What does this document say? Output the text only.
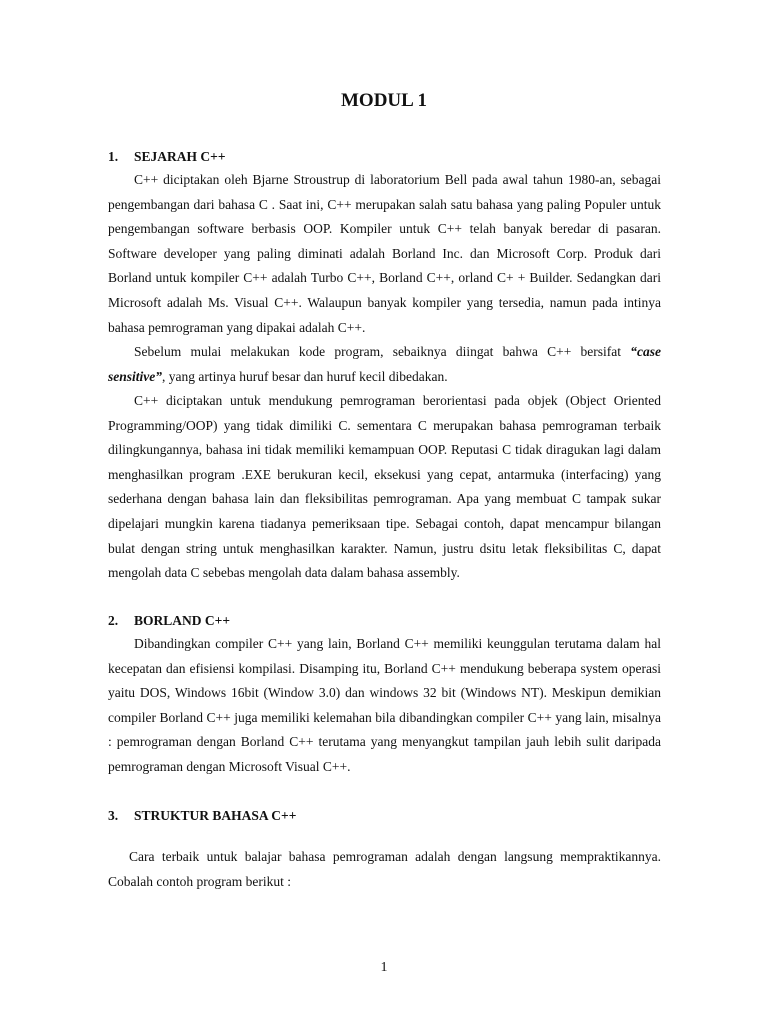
MODUL 1
1.	SEJARAH C++

C++ diciptakan oleh Bjarne Stroustrup di laboratorium Bell pada awal tahun 1980-an, sebagai pengembangan dari bahasa C . Saat ini, C++ merupakan salah satu bahasa yang paling Populer untuk pengembangan software berbasis OOP. Kompiler untuk C++ telah banyak beredar di pasaran. Software developer yang paling diminati adalah Borland Inc. dan Microsoft Corp. Produk dari Borland untuk kompiler C++ adalah Turbo C++, Borland C++, orland C+ + Builder. Sedangkan dari Microsoft adalah Ms. Visual C++. Walaupun banyak kompiler yang tersedia, namun pada intinya bahasa pemrograman yang dipakai adalah C++.

Sebelum mulai melakukan kode program, sebaiknya diingat bahwa C++ bersifat “case sensitive”, yang artinya huruf besar dan huruf kecil dibedakan.

C++ diciptakan untuk mendukung pemrograman berorientasi pada objek (Object Oriented Programming/OOP) yang tidak dimiliki C. sementara C merupakan bahasa pemrograman terbaik dilingkungannya, bahasa ini tidak memiliki kemampuan OOP. Reputasi C tidak diragukan lagi dalam menghasilkan program .EXE berukuran kecil, eksekusi yang cepat, antarmuka (interfacing) yang sederhana dengan bahasa lain dan fleksibilitas pemrograman. Apa yang membuat C tampak sukar dipelajari mungkin karena tiadanya pemeriksaan tipe. Sebagai contoh, dapat mencampur bilangan bulat dengan string untuk menghasilkan karakter. Namun, justru dsitu letak fleksibilitas C, dapat mengolah data C sebebas mengolah data dalam bahasa assembly.

2.	BORLAND C++

Dibandingkan compiler C++ yang lain, Borland C++ memiliki keunggulan terutama dalam hal kecepatan dan efisiensi kompilasi. Disamping itu, Borland C++ mendukung beberapa system operasi yaitu DOS, Windows 16bit (Window 3.0) dan windows 32 bit (Windows NT). Meskipun demikian compiler Borland C++ juga memiliki kelemahan bila dibandingkan compiler C++ yang lain, misalnya : pemrograman dengan Borland C++ terutama yang menyangkut tampilan jauh lebih sulit daripada pemrograman dengan Microsoft Visual C++.

3.	STRUKTUR BAHASA C++

Cara terbaik untuk balajar bahasa pemrograman adalah dengan langsung mempraktikannya. Cobalah contoh program berikut :

1
